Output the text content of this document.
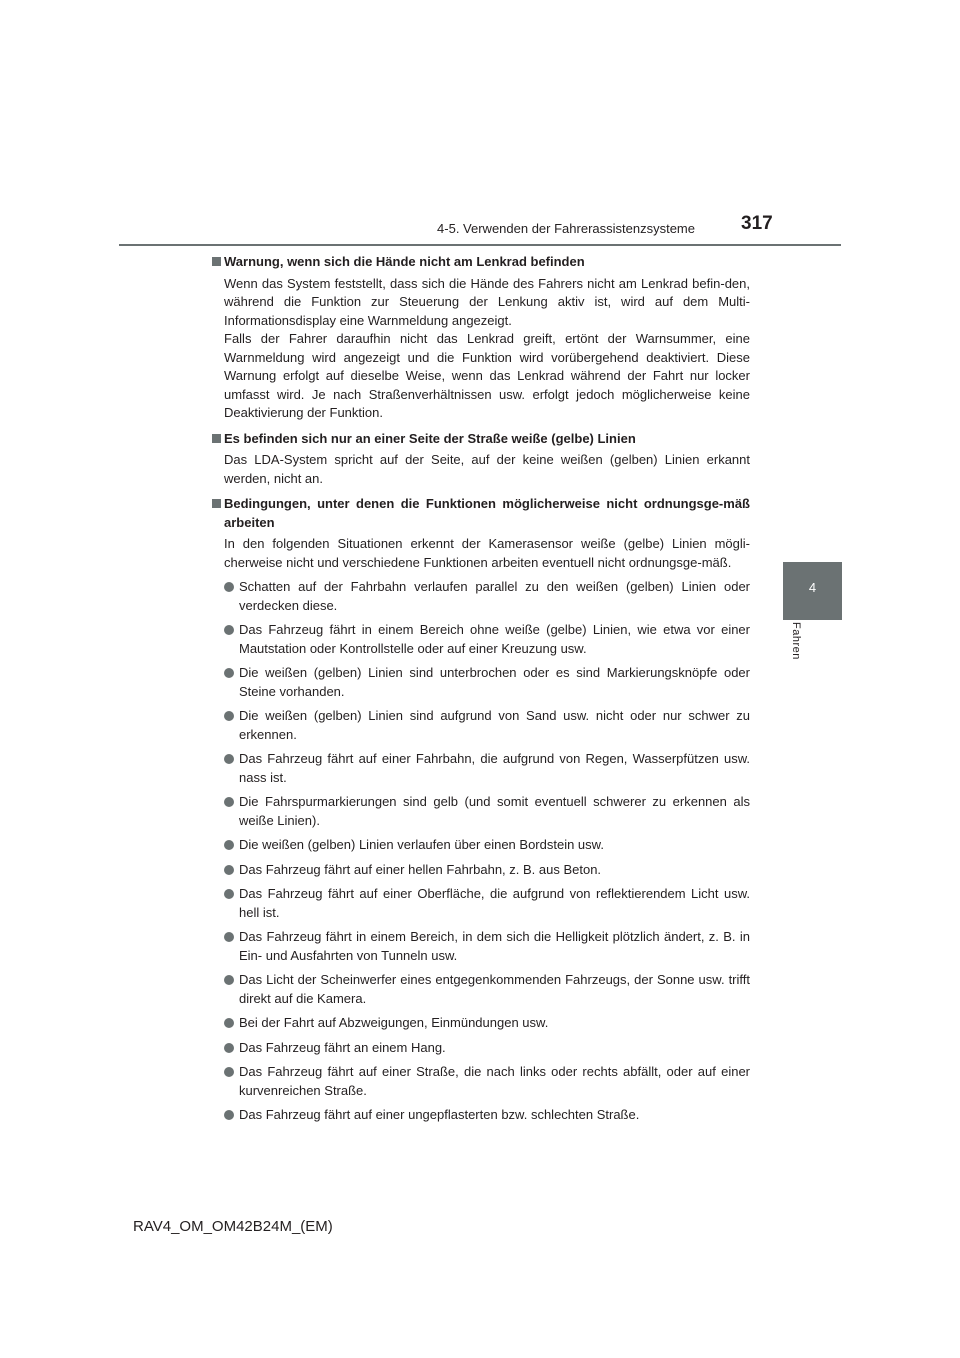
4-5. Verwenden der Fahrerassistenzsysteme 317
4
Fahren
Warnung, wenn sich die Hände nicht am Lenkrad befinden
Wenn das System feststellt, dass sich die Hände des Fahrers nicht am Lenkrad befin-den, während die Funktion zur Steuerung der Lenkung aktiv ist, wird auf dem Multi-Informationsdisplay eine Warnmeldung angezeigt.
Falls der Fahrer daraufhin nicht das Lenkrad greift, ertönt der Warnsummer, eine Warnmeldung wird angezeigt und die Funktion wird vorübergehend deaktiviert. Diese Warnung erfolgt auf dieselbe Weise, wenn das Lenkrad während der Fahrt nur locker umfasst wird. Je nach Straßenverhältnissen usw. erfolgt jedoch möglicherweise keine Deaktivierung der Funktion.
Es befinden sich nur an einer Seite der Straße weiße (gelbe) Linien
Das LDA-System spricht auf der Seite, auf der keine weißen (gelben) Linien erkannt werden, nicht an.
Bedingungen, unter denen die Funktionen möglicherweise nicht ordnungsge-mäß arbeiten
In den folgenden Situationen erkennt der Kamerasensor weiße (gelbe) Linien mögli-cherweise nicht und verschiedene Funktionen arbeiten eventuell nicht ordnungsge-mäß.
Schatten auf der Fahrbahn verlaufen parallel zu den weißen (gelben) Linien oder verdecken diese.
Das Fahrzeug fährt in einem Bereich ohne weiße (gelbe) Linien, wie etwa vor einer Mautstation oder Kontrollstelle oder auf einer Kreuzung usw.
Die weißen (gelben) Linien sind unterbrochen oder es sind Markierungsknöpfe oder Steine vorhanden.
Die weißen (gelben) Linien sind aufgrund von Sand usw. nicht oder nur schwer zu erkennen.
Das Fahrzeug fährt auf einer Fahrbahn, die aufgrund von Regen, Wasserpfützen usw. nass ist.
Die Fahrspurmarkierungen sind gelb (und somit eventuell schwerer zu erkennen als weiße Linien).
Die weißen (gelben) Linien verlaufen über einen Bordstein usw.
Das Fahrzeug fährt auf einer hellen Fahrbahn, z. B. aus Beton.
Das Fahrzeug fährt auf einer Oberfläche, die aufgrund von reflektierendem Licht usw. hell ist.
Das Fahrzeug fährt in einem Bereich, in dem sich die Helligkeit plötzlich ändert, z. B. in Ein- und Ausfahrten von Tunneln usw.
Das Licht der Scheinwerfer eines entgegenkommenden Fahrzeugs, der Sonne usw. trifft direkt auf die Kamera.
Bei der Fahrt auf Abzweigungen, Einmündungen usw.
Das Fahrzeug fährt an einem Hang.
Das Fahrzeug fährt auf einer Straße, die nach links oder rechts abfällt, oder auf einer kurvenreichen Straße.
Das Fahrzeug fährt auf einer ungepflasterten bzw. schlechten Straße.
RAV4_OM_OM42B24M_(EM)
